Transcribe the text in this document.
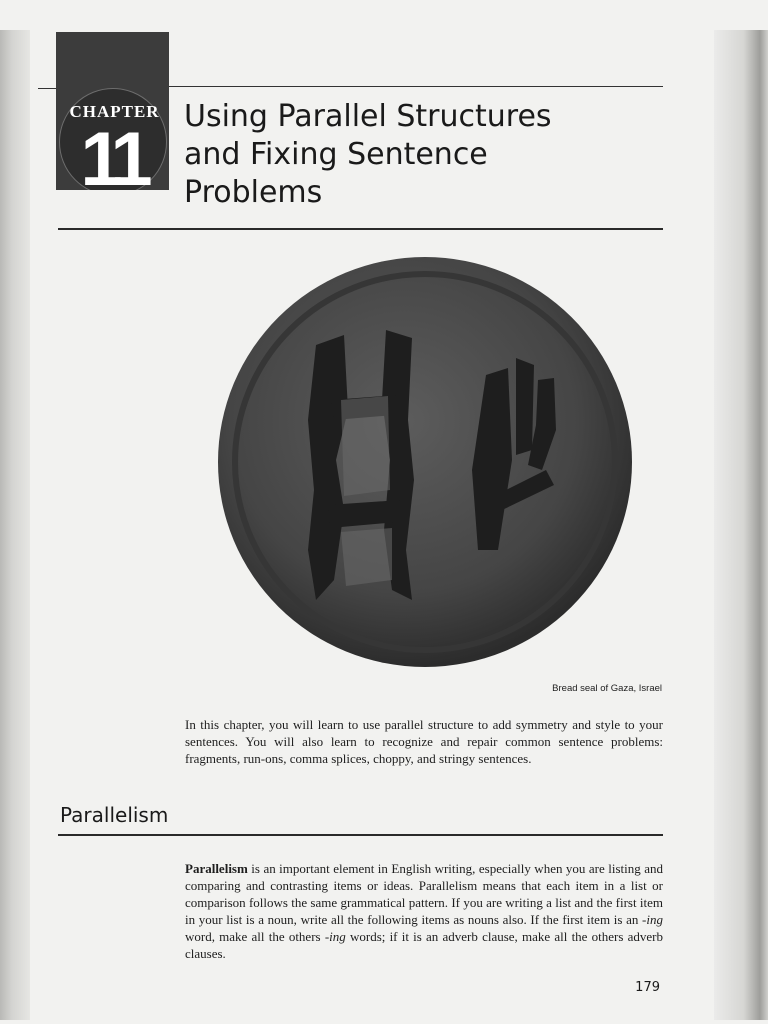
CHAPTER
11
Using Parallel Structures
and Fixing Sentence
Problems
Bread seal of Gaza, Israel

In this chapter, you will learn to use parallel structure to add symmetry and style to your sentences. You will also learn to recognize and repair common sentence problems: fragments, run-ons, comma splices, choppy, and stringy sentences.

Parallelism

Parallelism is an important element in English writing, especially when you are listing and comparing and contrasting items or ideas. Parallelism means that each item in a list or comparison follows the same grammatical pattern. If you are writing a list and the first item in your list is a noun, write all the following items as nouns also. If the first item is an -ing word, make all the others -ing words; if it is an adverb clause, make all the others adverb clauses.

179
